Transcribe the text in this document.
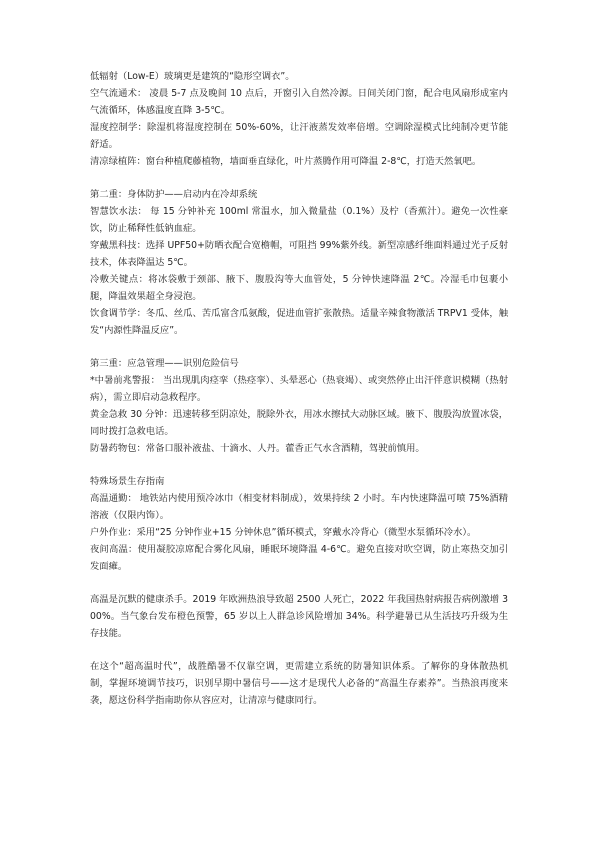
低辐射（Low-E）玻璃更是建筑的“隐形空调衣”。

空气流通术： 凌晨 5-7 点及晚间 10 点后，开窗引入自然冷源。日间关闭门窗，配合电风扇形成室内气流循环，体感温度直降 3-5℃。

湿度控制学：除湿机将湿度控制在 50%-60%，让汗液蒸发效率倍增。空调除湿模式比纯制冷更节能舒适。

清凉绿植阵：窗台种植爬藤植物，墙面垂直绿化，叶片蒸腾作用可降温 2-8℃，打造天然氧吧。

第二重：身体防护——启动内在冷却系统

智慧饮水法： 每 15 分钟补充 100ml 常温水，加入微量盐（0.1%）及柠（香蕉汁）。避免一次性豪饮，防止稀释性低钠血症。

穿戴黑科技：选择 UPF50+防晒衣配合宽檐帽，可阻挡 99%紫外线。新型凉感纤维面料通过光子反射技术，体表降温达 5℃。

冷敷关键点：将冰袋敷于颈部、腋下、腹股沟等大血管处，5 分钟快速降温 2℃。冷湿毛巾包裹小腿，降温效果超全身浸泡。

饮食调节学：冬瓜、丝瓜、苦瓜富含瓜氨酸，促进血管扩张散热。适量辛辣食物激活 TRPV1 受体，触发“内源性降温反应”。

第三重：应急管理——识别危险信号

*中暑前兆警报： 当出现肌肉痉挛（热痉挛）、头晕恶心（热衰竭）、或突然停止出汗伴意识模糊（热射病），需立即启动急救程序。

黄金急救 30 分钟：迅速转移至阴凉处，脱除外衣，用冰水擦拭大动脉区域。腋下、腹股沟放置冰袋，同时拨打急救电话。

防暑药物包：常备口服补液盐、十滴水、人丹。藿香正气水含酒精，驾驶前慎用。

特殊场景生存指南

高温通勤： 地铁站内使用预冷冰巾（相变材料制成），效果持续 2 小时。车内快速降温可喷 75%酒精溶液（仅限内饰）。

户外作业：采用“25 分钟作业+15 分钟休息”循环模式，穿戴水冷背心（微型水泵循环冷水）。

夜间高温：使用凝胶凉席配合雾化风扇，睡眠环境降温 4-6℃。避免直接对吹空调，防止寒热交加引发面瘫。

高温是沉默的健康杀手。2019 年欧洲热浪导致超 2500 人死亡，2022 年我国热射病报告病例激增 300%。当气象台发布橙色预警，65 岁以上人群急诊风险增加 34%。科学避暑已从生活技巧升级为生存技能。

在这个“超高温时代”，战胜酷暑不仅靠空调，更需建立系统的防暑知识体系。了解你的身体散热机制，掌握环境调节技巧，识别早期中暑信号——这才是现代人必备的“高温生存素养”。当热浪再度来袭，愿这份科学指南助你从容应对，让清凉与健康同行。
